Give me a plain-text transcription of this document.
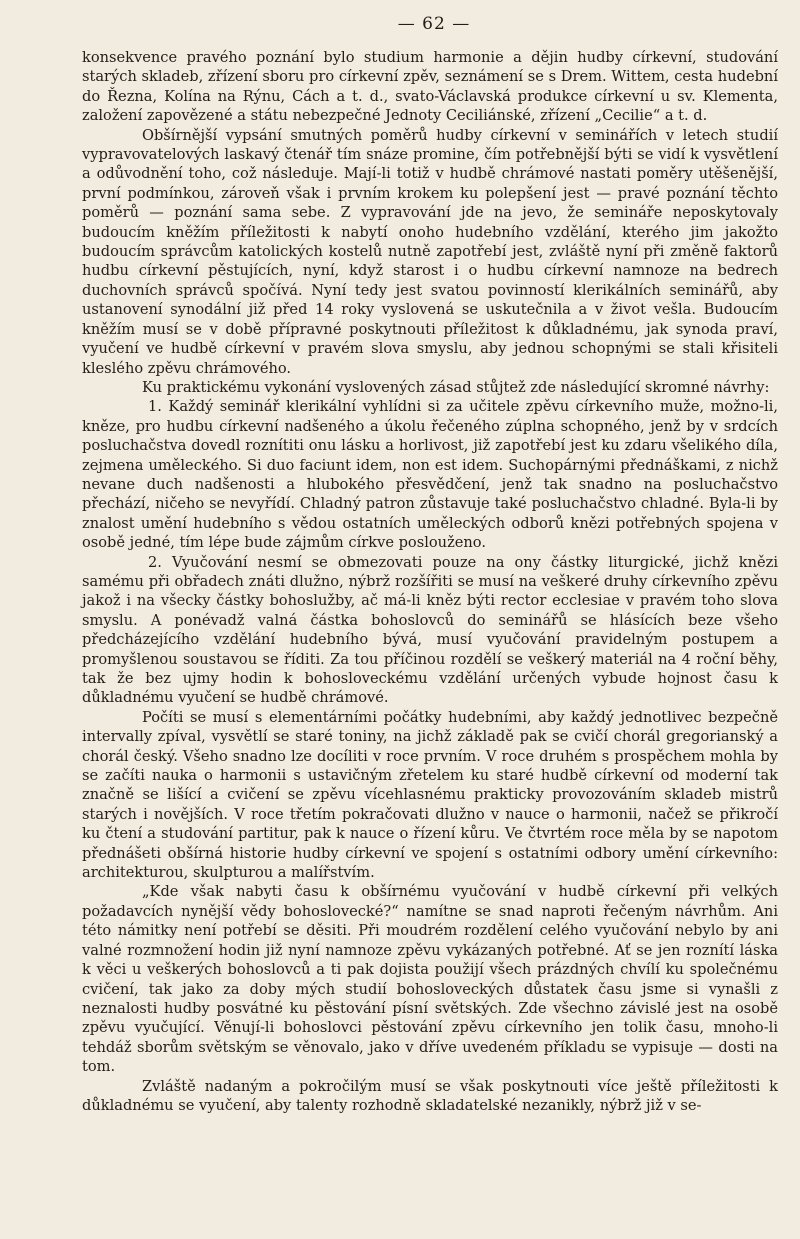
— 62 —

konsekvence pravého poznání bylo studium harmonie a dějin hudby církevní, studování starých skladeb, zřízení sboru pro církevní zpěv, seznámení se s Drem. Wittem, cesta hudební do Řezna, Kolína na Rýnu, Cách a t. d., svato-Václavská produkce církevní u sv. Klementa, založení zapovězené a státu nebezpečné Jednoty Ceciliánské, zřízení „Cecilie“ a t. d.

Obšírnější vypsání smutných poměrů hudby církevní v seminářích v letech studií vypravovatelových laskavý čtenář tím snáze promine, čím potřebnější býti se vidí k vysvětlení a odůvodnění toho, což následuje. Mají-li totiž v hudbě chrámové nastati poměry utěšenější, první podmínkou, zároveň však i prvním krokem ku polepšení jest — pravé poznání těchto poměrů — poznání sama sebe. Z vypravování jde na jevo, že semináře neposkytovaly budoucím kněžím příležitosti k nabytí onoho hudebního vzdělání, kterého jim jakožto budoucím správcům katolických kostelů nutně zapotřebí jest, zvláště nyní při změně faktorů hudbu církevní pěstujících, nyní, když starost i o hudbu církevní namnoze na bedrech duchovních správců spočívá. Nyní tedy jest svatou povinností klerikálních seminářů, aby ustanovení synodální již před 14 roky vyslovená se uskutečnila a v život vešla. Budoucím kněžím musí se v době přípravné poskytnouti příležitost k důkladnému, jak synoda praví, vyučení ve hudbě církevní v pravém slova smyslu, aby jednou schopnými se stali křisiteli klesléhо zpěvu chrámového.

Ku praktickému vykonání vyslovených zásad stůjtež zde následující skromné návrhy:

1. Každý seminář klerikální vyhlídni si za učitele zpěvu církevního muže, možno-li, kněze, pro hudbu církevní nadšeného a úkolu řečeného zúplna schopného, jenž by v srdcích posluchačstva dovedl roznítiti onu lásku a horlivost, již zapotřebí jest ku zdaru všelikého díla, zejmena umělеckého. Si duo faciunt idem, non est idem. Suchopárnými přednáškami, z nichž nevane duch nadšenosti a hlubokého přesvědčení, jenž tak snadno na posluchačstvo přechází, ničeho se nevyřídí. Chladný patron zůstavuje také posluchačstvo chladné. Byla-li by znalost umění hudebního s vědou ostatních uměleckých odborů knězi potřebných spojena v osobě jedné, tím lépe bude zájmům církve poslouženo.

2. Vyučování nesmí se obmezovati pouze na ony částky liturgické, jichž knězi samému při obřadech znáti dlužno, nýbrž rozšířiti se musí na veškeré druhy církevního zpěvu jakož i na všecky částky bohoslužby, ač má-li kněz býti rector ecclesiae v pravém toho slova smyslu. A ponévadž valná částka bohoslovců do seminářů se hlásících beze všeho předcházejícího vzdělání hudebního bývá, musí vyučování pravidelným postupem a promyšlenou soustavou se říditi. Za tou příčinou rozdělí se veškerý materiál na 4 roční běhy, tak že bez ujmy hodin k bohosloveckému vzdělání určených vybude hojnost času k důkladnému vyučení se hudbě chrámové.

Počíti se musí s elementárními počátky hudebními, aby každý jednotlivec bezpečně intervally zpíval, vysvětlí se staré toniny, na jichž základě pak se cvičí chorál gregorianský a chorál český. Všeho snadno lze docíliti v roce prvním. V roce druhém s prospěchem mohla by se začíti nauka o harmonii s ustavičným zřetelem ku staré hudbě církevní od moderní tak značně se lišící a cvičení se zpěvu vícehlasnému prakticky provozováním skladeb mistrů starých i novějších. V roce třetím pokračovati dlužno v nauce o harmonii, načež se přikročí ku čtení a studování partitur, pak k nauce o řízení kůru. Ve čtvrtém roce měla by se napotom přednášeti obšírná historie hudby církevní ve spojení s ostatními odbory umění církevního: architekturou, skulpturou a malířstvím.

„Kde však nabyti času k obšírnému vyučování v hudbě církevní při velkých požadavcích nynější vědy bohoslovecké?“ namítne se snad naproti řečeným návrhům. Ani této námitky není potřebí se děsiti. Při moudrém rozdělení celého vyučování nebylo by ani valné rozmnožení hodin již nyní namnoze zpěvu vykázaných potřebné. Ať se jen roznítí láska k věci u veškerých bohoslovců a ti pak dojista použijí všech prázdných chvílí ku společnému cvičení, tak jako za doby mých studií bohosloveckých důstatek času jsme si vynašli z neznalosti hudby posvátné ku pěstování písní světských. Zde všechno závislé jest na osobě zpěvu vyučující. Věnují-li bohoslovci pěstování zpěvu církevního jen tolik času, mnoho-li tehdáž sborům světským se věnovalo, jako v dříve uvedeném příkladu se vypisuje — dosti na tom.

Zvláště nadaným a pokročilým musí se však poskytnouti více ještě příležitosti k důkladnému se vyučení, aby talenty rozhodně skladatelské nezanikly, nýbrž již v se-
